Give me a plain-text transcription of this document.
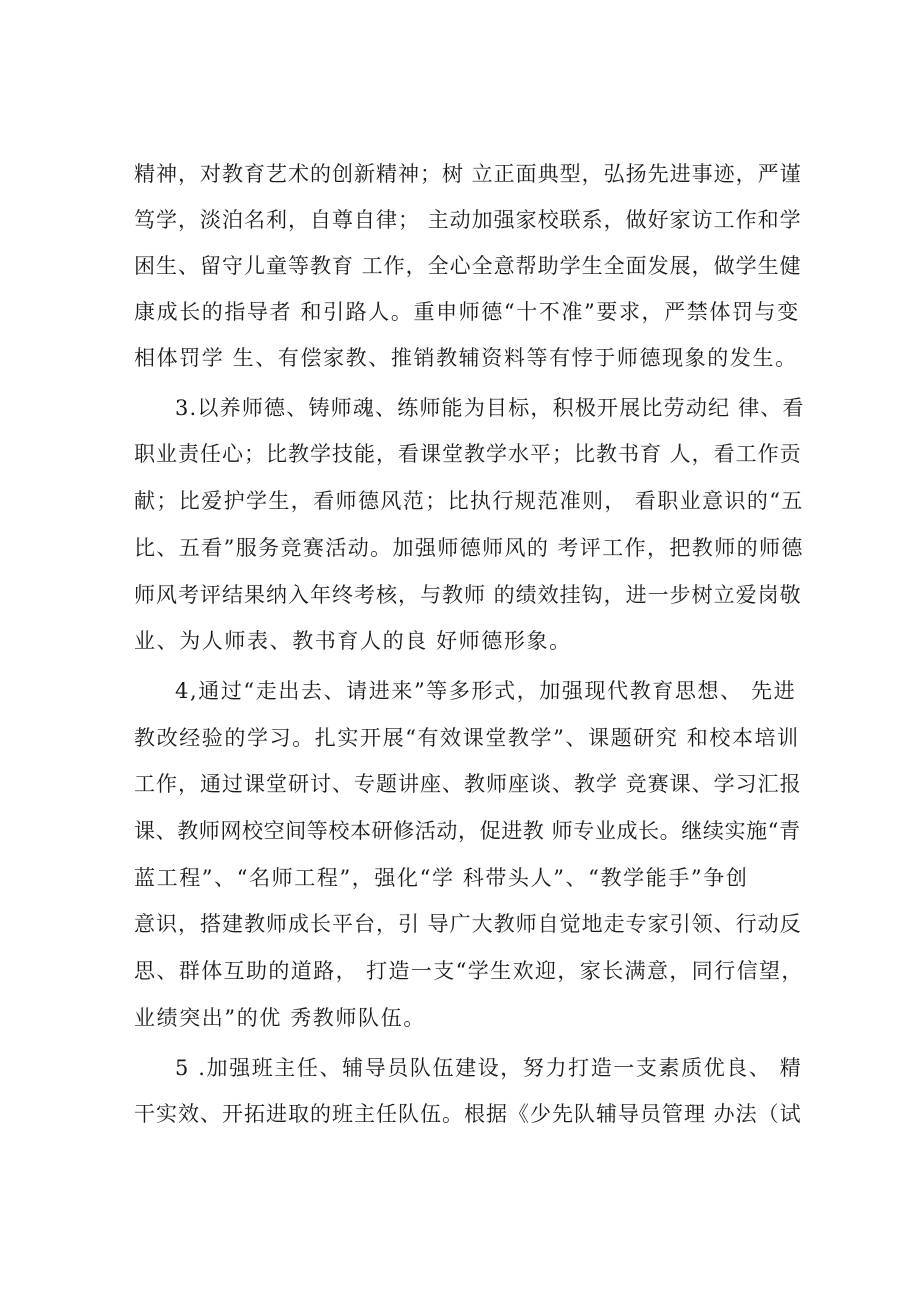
精神，对教育艺术的创新精神；树 立正面典型，弘扬先进事迹，严谨
笃学，淡泊名利，自尊自律； 主动加强家校联系，做好家访工作和学
困生、留守儿童等教育 工作，全心全意帮助学生全面发展，做学生健
康成长的指导者 和引路人。重申师德“十不准”要求，严禁体罚与变
相体罚学 生、有偿家教、推销教辅资料等有悖于师德现象的发生。
3.以养师德、铸师魂、练师能为目标，积极开展比劳动纪 律、看
职业责任心；比教学技能，看课堂教学水平；比教书育 人，看工作贡
献；比爱护学生，看师德风范；比执行规范准则， 看职业意识的“五
比、五看”服务竞赛活动。加强师德师风的 考评工作，把教师的师德
师风考评结果纳入年终考核，与教师 的绩效挂钩，进一步树立爱岗敬
业、为人师表、教书育人的良 好师德形象。
4,通过“走出去、请进来”等多形式，加强现代教育思想、 先进
教改经验的学习。扎实开展“有效课堂教学”、课题研究 和校本培训
工作，通过课堂研讨、专题讲座、教师座谈、教学 竞赛课、学习汇报
课、教师网校空间等校本研修活动，促进教 师专业成长。继续实施“青
蓝工程”、“名师工程”，强化“学 科带头人”、“教学能手”争创
意识，搭建教师成长平台，引 导广大教师自觉地走专家引领、行动反
思、群体互助的道路， 打造一支“学生欢迎，家长满意，同行信望，
业绩突出”的优 秀教师队伍。
5 .加强班主任、辅导员队伍建设，努力打造一支素质优良、 精
干实效、开拓进取的班主任队伍。根据《少先队辅导员管理 办法（试
